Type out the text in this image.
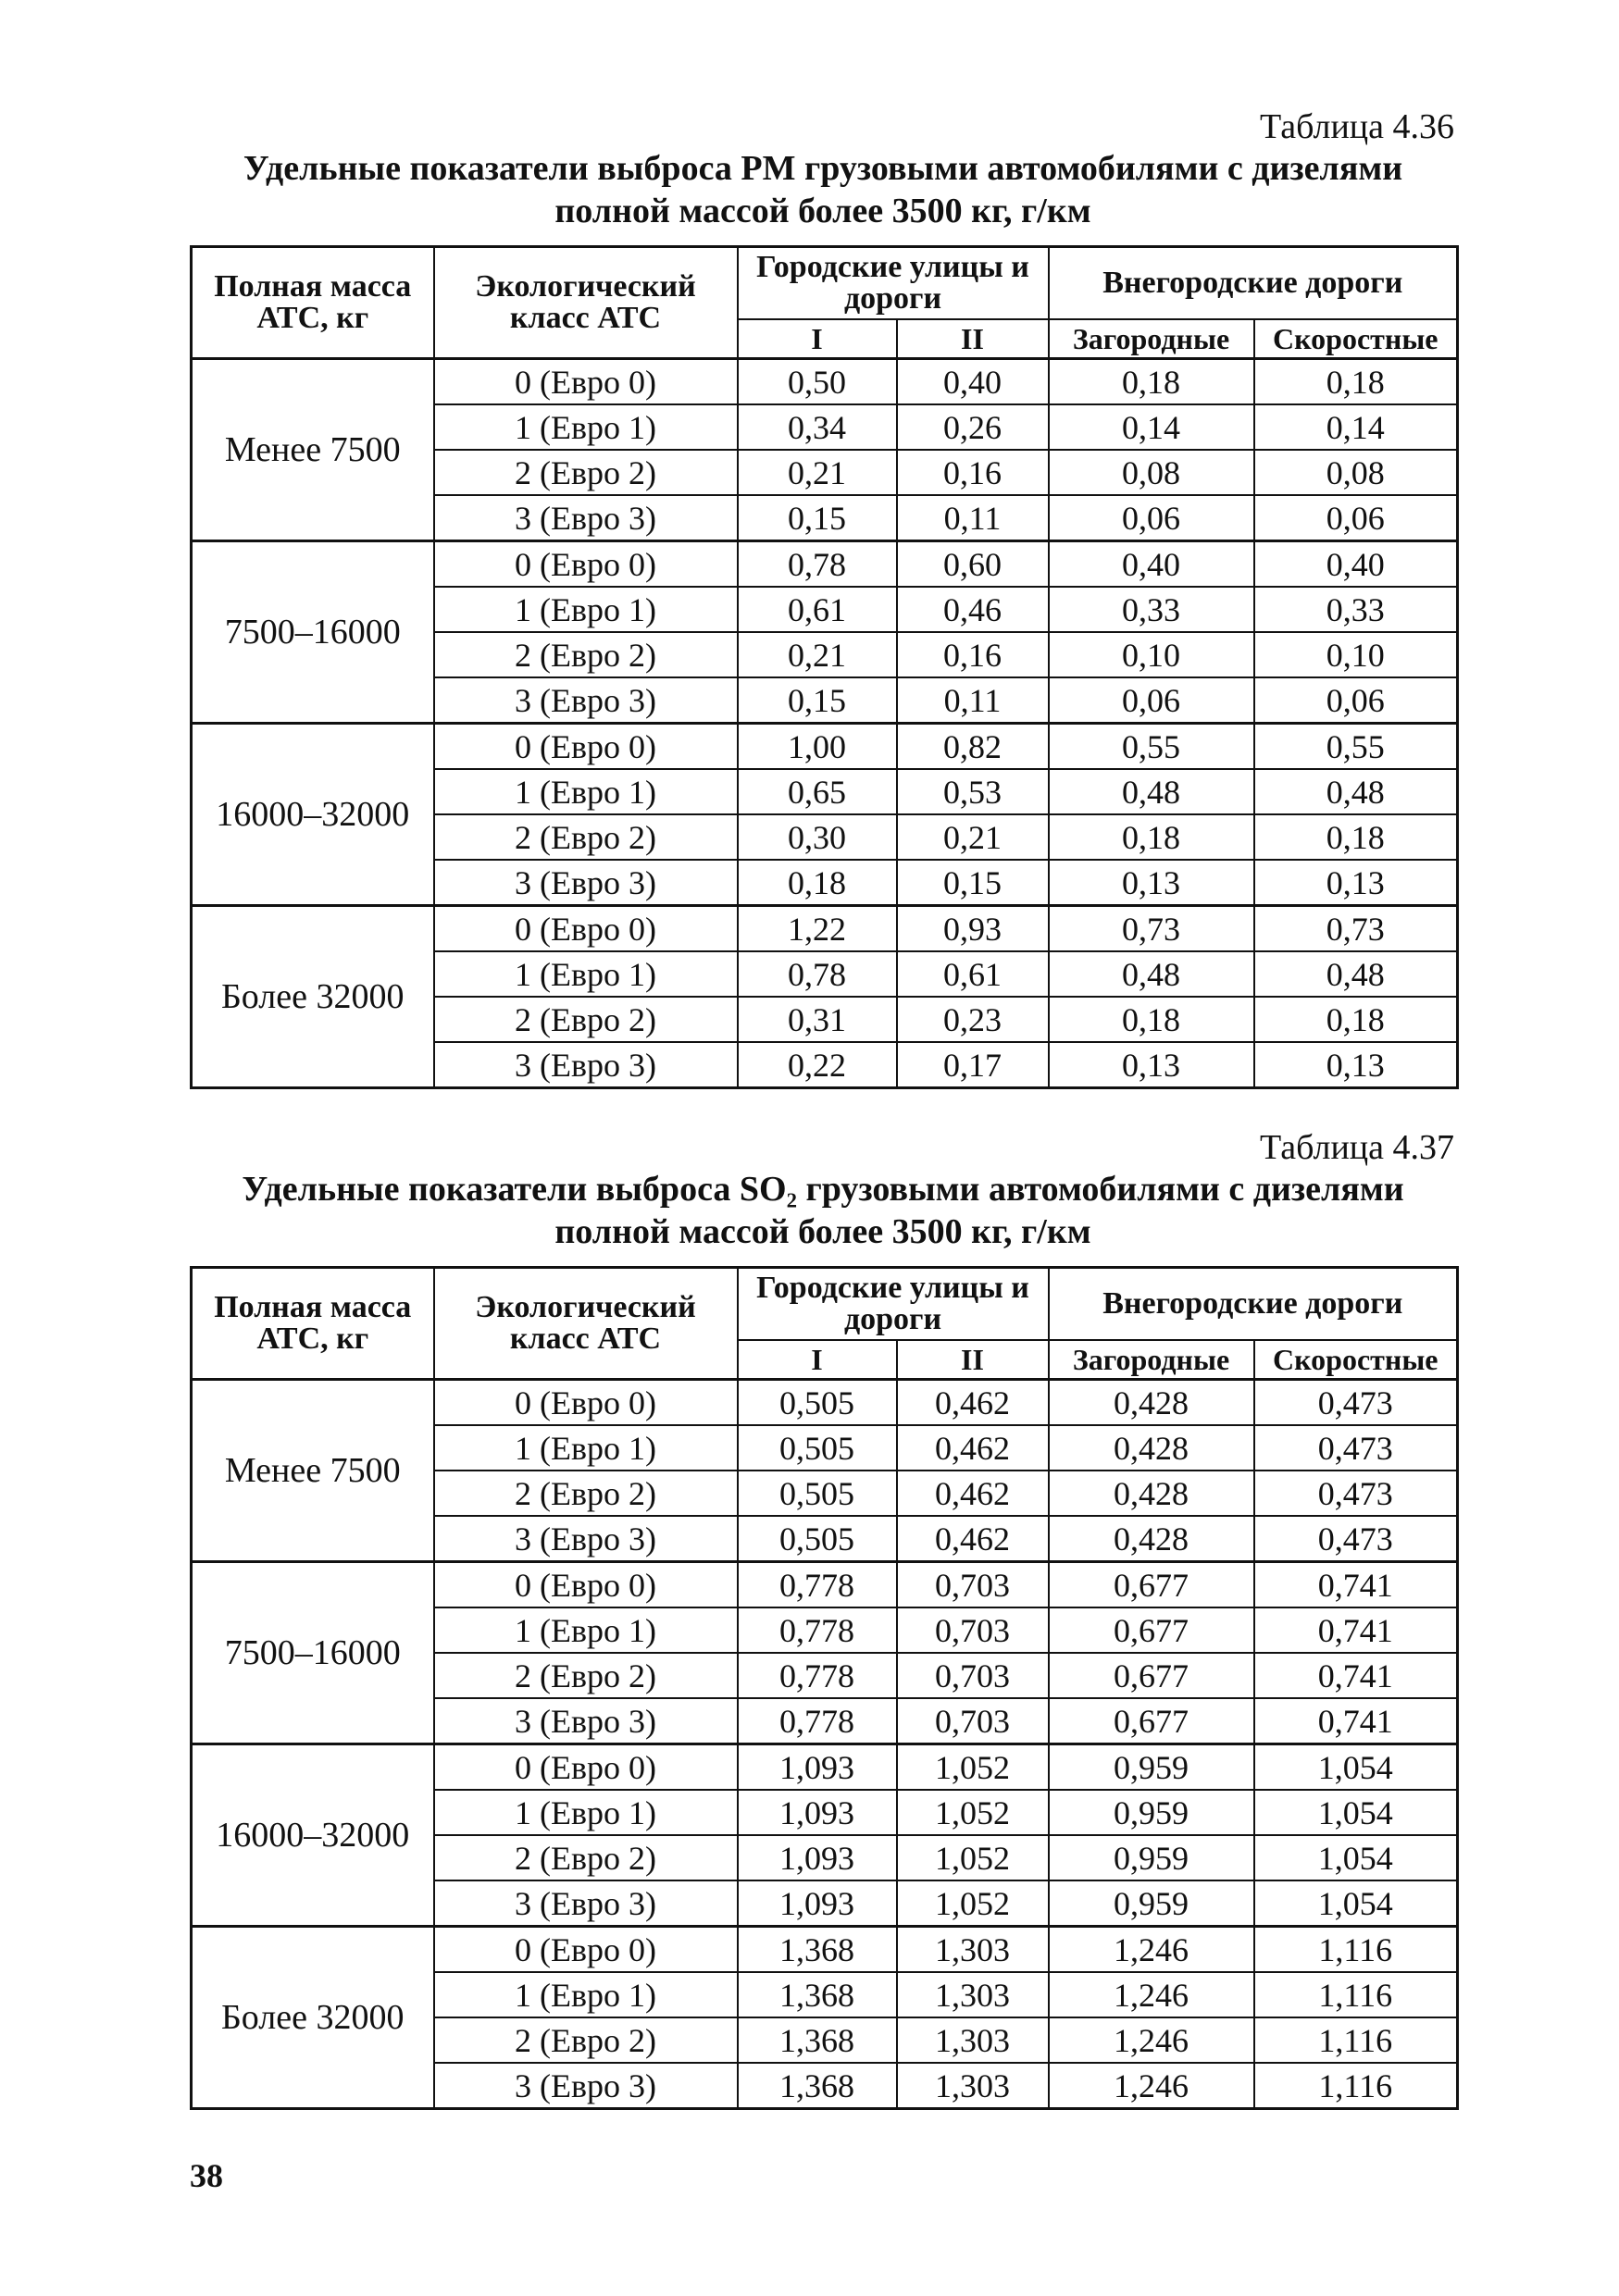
Таблица 4.36
Удельные показатели выброса PM грузовыми автомобилями с дизелями
полной массой более 3500 кг, г/км
Полная масса АТС, кг	Экологический класс АТС	Городские улицы и дороги		Внегородские дороги	
		I	II	Загородные	Скоростные
Менее 7500	0 (Евро 0)	0,50	0,40	0,18	0,18
	1 (Евро 1)	0,34	0,26	0,14	0,14
	2 (Евро 2)	0,21	0,16	0,08	0,08
	3 (Евро 3)	0,15	0,11	0,06	0,06
7500–16000	0 (Евро 0)	0,78	0,60	0,40	0,40
	1 (Евро 1)	0,61	0,46	0,33	0,33
	2 (Евро 2)	0,21	0,16	0,10	0,10
	3 (Евро 3)	0,15	0,11	0,06	0,06
16000–32000	0 (Евро 0)	1,00	0,82	0,55	0,55
	1 (Евро 1)	0,65	0,53	0,48	0,48
	2 (Евро 2)	0,30	0,21	0,18	0,18
	3 (Евро 3)	0,18	0,15	0,13	0,13
Более 32000	0 (Евро 0)	1,22	0,93	0,73	0,73
	1 (Евро 1)	0,78	0,61	0,48	0,48
	2 (Евро 2)	0,31	0,23	0,18	0,18
	3 (Евро 3)	0,22	0,17	0,13	0,13
Таблица 4.37
Удельные показатели выброса SO₂ грузовыми автомобилями с дизелями
полной массой более 3500 кг, г/км
Полная масса АТС, кг	Экологический класс АТС	Городские улицы и дороги		Внегородские дороги	
		I	II	Загородные	Скоростные
Менее 7500	0 (Евро 0)	0,505	0,462	0,428	0,473
	1 (Евро 1)	0,505	0,462	0,428	0,473
	2 (Евро 2)	0,505	0,462	0,428	0,473
	3 (Евро 3)	0,505	0,462	0,428	0,473
7500–16000	0 (Евро 0)	0,778	0,703	0,677	0,741
	1 (Евро 1)	0,778	0,703	0,677	0,741
	2 (Евро 2)	0,778	0,703	0,677	0,741
	3 (Евро 3)	0,778	0,703	0,677	0,741
16000–32000	0 (Евро 0)	1,093	1,052	0,959	1,054
	1 (Евро 1)	1,093	1,052	0,959	1,054
	2 (Евро 2)	1,093	1,052	0,959	1,054
	3 (Евро 3)	1,093	1,052	0,959	1,054
Более 32000	0 (Евро 0)	1,368	1,303	1,246	1,116
	1 (Евро 1)	1,368	1,303	1,246	1,116
	2 (Евро 2)	1,368	1,303	1,246	1,116
	3 (Евро 3)	1,368	1,303	1,246	1,116
38
